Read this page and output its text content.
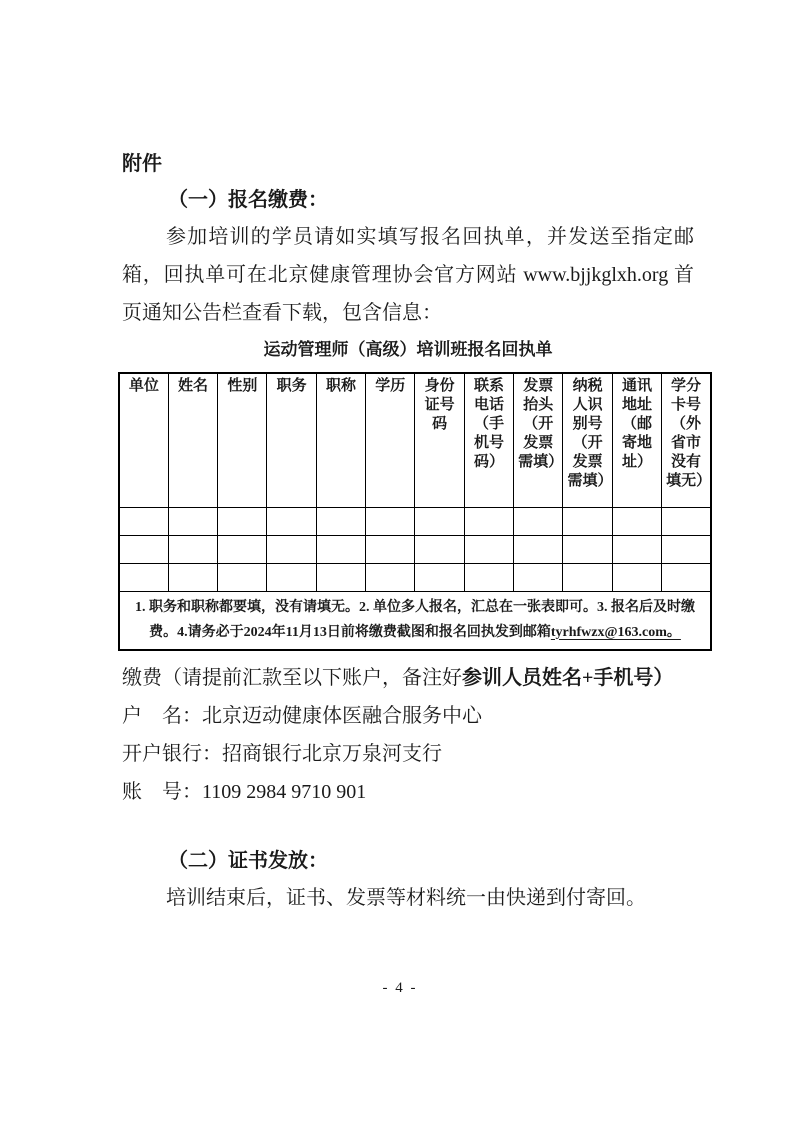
附件
（一）报名缴费：

参加培训的学员请如实填写报名回执单，并发送至指定邮箱，回执单可在北京健康管理协会官方网站 www.bjjkglxh.org 首页通知公告栏查看下载，包含信息：

运动管理师（高级）培训班报名回执单
单位	姓名	性别	职务	职称	学历	身份证号码	联系电话（手机号码）	发票抬头（开发票需填）	纳税人识别号（开发票需填）	通讯地址（邮寄地址）	学分卡号（外省市没有填无）

1. 职务和职称都要填，没有请填无。2. 单位多人报名，汇总在一张表即可。3. 报名后及时缴费。4.请务必于2024年11月13日前将缴费截图和报名回执发到邮箱tyrhfwzx@163.com。											
缴费（请提前汇款至以下账户，备注好参训人员姓名+手机号）
户　名：北京迈动健康体医融合服务中心
开户银行：招商银行北京万泉河支行
账　号：1109 2984 9710 901
（二）证书发放：

培训结束后，证书、发票等材料统一由快递到付寄回。

- 4 -
